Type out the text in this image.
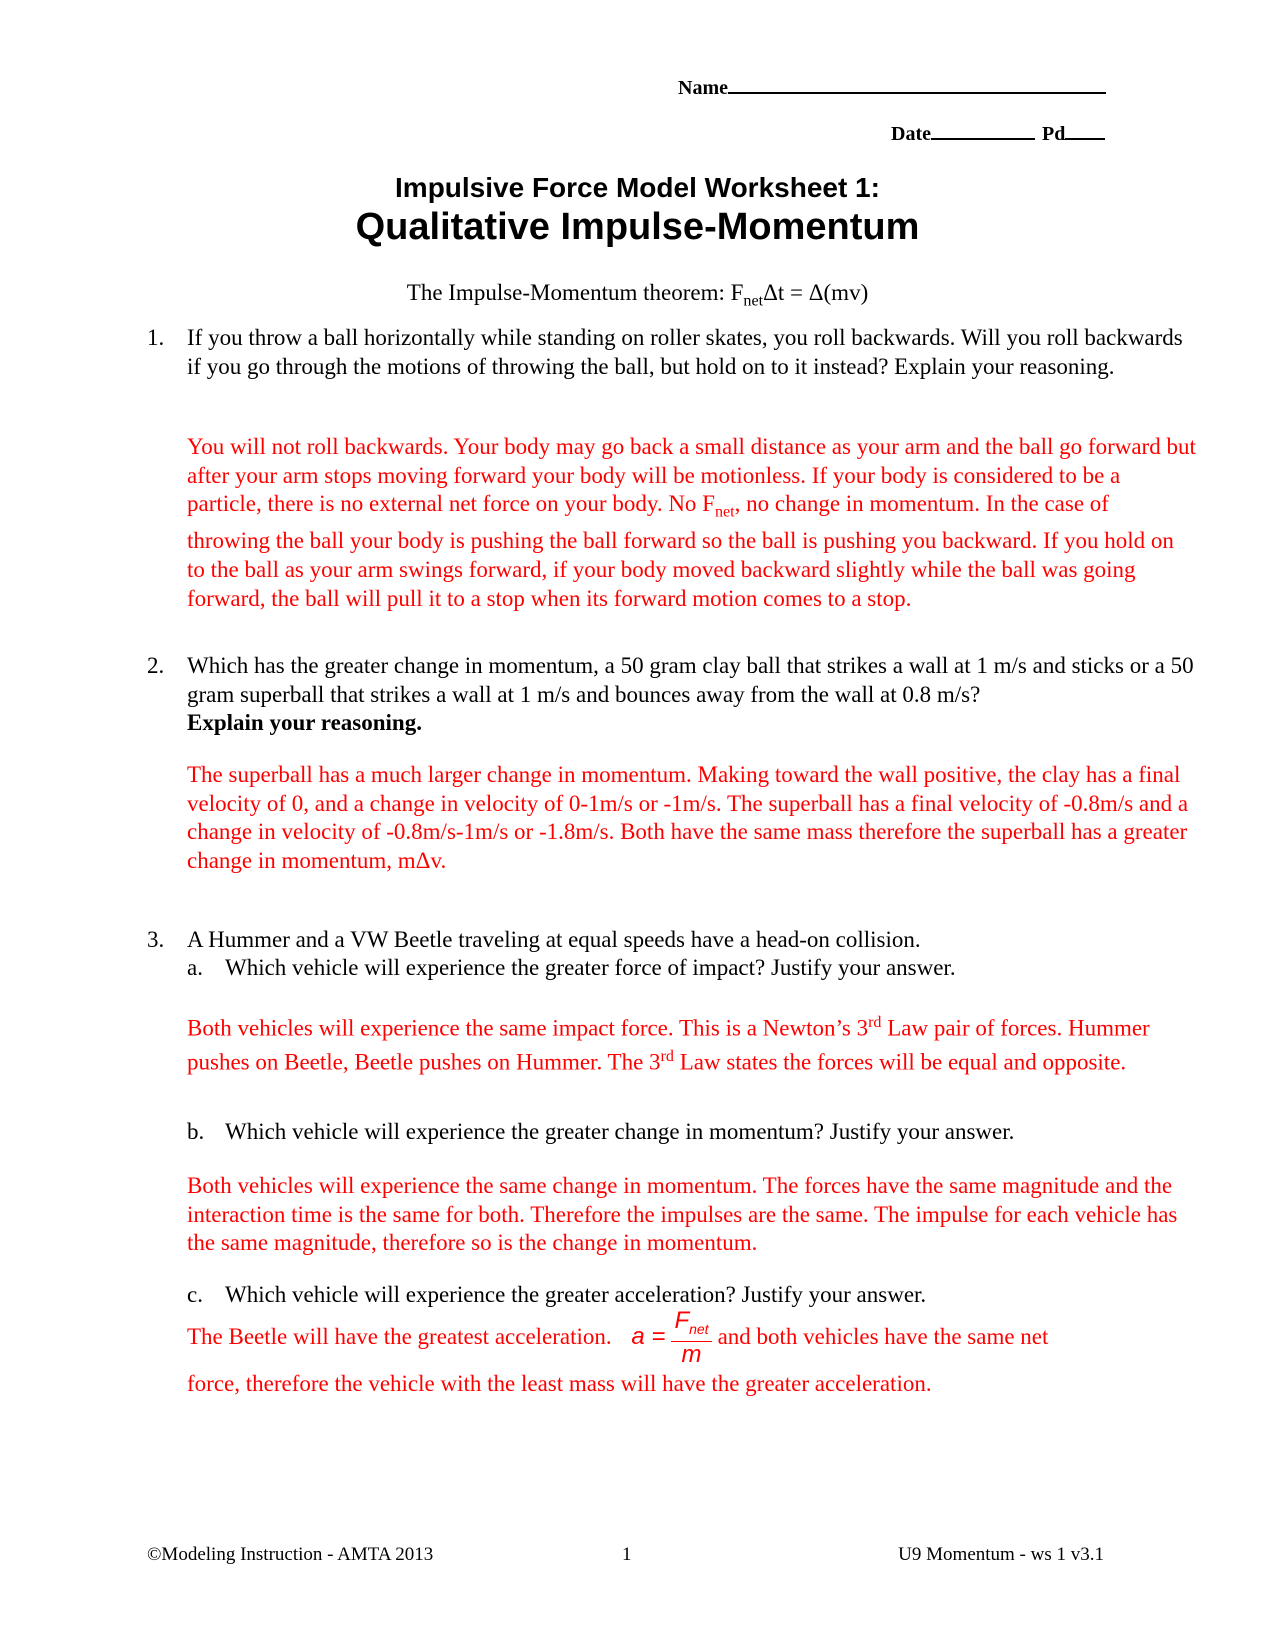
Name
Date	Pd
Impulsive Force Model Worksheet 1:
Qualitative Impulse-Momentum
The Impulse-Momentum theorem: $F_{net}\Delta t = \Delta(mv)$
1. If you throw a ball horizontally while standing on roller skates, you roll backwards. Will you roll backwards if you go through the motions of throwing the ball, but hold on to it instead? Explain your reasoning.

You will not roll backwards. Your body may go back a small distance as your arm and the ball go forward but after your arm stops moving forward your body will be motionless. If your body is considered to be a particle, there is no external net force on your body. No $F_{net}$, no change in momentum. In the case of throwing the ball your body is pushing the ball forward so the ball is pushing you backward. If you hold on to the ball as your arm swings forward, if your body moved backward slightly while the ball was going forward, the ball will pull it to a stop when its forward motion comes to a stop.

2. Which has the greater change in momentum, a 50 gram clay ball that strikes a wall at 1 m/s and sticks or a 50 gram superball that strikes a wall at 1 m/s and bounces away from the wall at 0.8 m/s?
Explain your reasoning.

The superball has a much larger change in momentum. Making toward the wall positive, the clay has a final velocity of 0, and a change in velocity of 0-1m/s or -1m/s. The superball has a final velocity of -0.8m/s and a change in velocity of -0.8m/s-1m/s or -1.8m/s. Both have the same mass therefore the superball has a greater change in momentum, mΔv.

3. A Hummer and a VW Beetle traveling at equal speeds have a head-on collision.

a. Which vehicle will experience the greater force of impact? Justify your answer.

Both vehicles will experience the same impact force. This is a Newton’s 3rd Law pair of forces. Hummer pushes on Beetle, Beetle pushes on Hummer. The 3rd Law states the forces will be equal and opposite.

b. Which vehicle will experience the greater change in momentum? Justify your answer.

Both vehicles will experience the same change in momentum. The forces have the same magnitude and the interaction time is the same for both. Therefore the impulses are the same. The impulse for each vehicle has the same magnitude, therefore so is the change in momentum.

c. Which vehicle will experience the greater acceleration? Justify your answer.
The Beetle will have the greatest acceleration. $a = \frac{F_{net}}{m}$ and both vehicles have the same net

force, therefore the vehicle with the least mass will have the greater acceleration.

©Modeling Instruction - AMTA 2013	1	U9 Momentum - ws 1 v3.1
